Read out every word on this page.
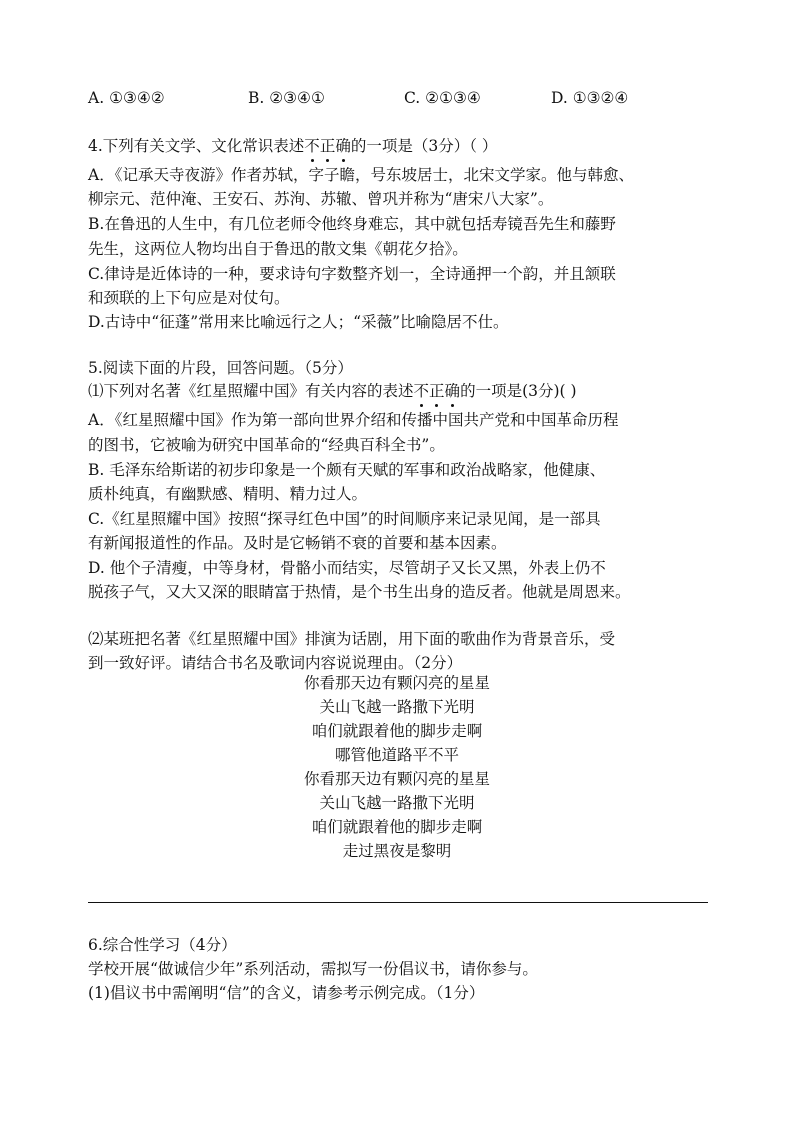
A. ①③④②	B. ②③④①	C. ②①③④	D. ①③②④
4.下列有关文学、文化常识表述不正确的一项是（3分）（ ）
A．《记承天寺夜游》作者苏轼，字子瞻，号东坡居士，北宋文学家。他与韩愈、
柳宗元、范仲淹、王安石、苏洵、苏辙、曾巩并称为“唐宋八大家”。
B.在鲁迅的人生中，有几位老师令他终身难忘，其中就包括寿镜吾先生和藤野
先生，这两位人物均出自于鲁迅的散文集《朝花夕拾》。
C.律诗是近体诗的一种，要求诗句字数整齐划一，全诗通押一个韵，并且颔联
和颈联的上下句应是对仗句。
D.古诗中“征蓬”常用来比喻远行之人；“采薇”比喻隐居不仕。
5.阅读下面的片段，回答问题。（5分）
⑴下列对名著《红星照耀中国》有关内容的表述不正确的一项是(3分)( )
A．《红星照耀中国》作为第一部向世界介绍和传播中国共产党和中国革命历程
的图书，它被喻为研究中国革命的“经典百科全书”。
B. 毛泽东给斯诺的初步印象是一个颇有天赋的军事和政治战略家，他健康、
质朴纯真，有幽默感、精明、精力过人。
C.《红星照耀中国》按照“探寻红色中国”的时间顺序来记录见闻，是一部具
有新闻报道性的作品。及时是它畅销不衰的首要和基本因素。
D. 他个子清瘦，中等身材，骨骼小而结实，尽管胡子又长又黑，外表上仍不
脱孩子气，又大又深的眼睛富于热情，是个书生出身的造反者。他就是周恩来。
⑵某班把名著《红星照耀中国》排演为话剧，用下面的歌曲作为背景音乐，受
到一致好评。请结合书名及歌词内容说说理由。（2分）
你看那天边有颗闪亮的星星
关山飞越一路撒下光明
咱们就跟着他的脚步走啊
哪管他道路平不平
你看那天边有颗闪亮的星星
关山飞越一路撒下光明
咱们就跟着他的脚步走啊
走过黑夜是黎明
6.综合性学习（4分）
学校开展“做诚信少年”系列活动，需拟写一份倡议书，请你参与。
(1)倡议书中需阐明“信”的含义，请参考示例完成。（1分）
